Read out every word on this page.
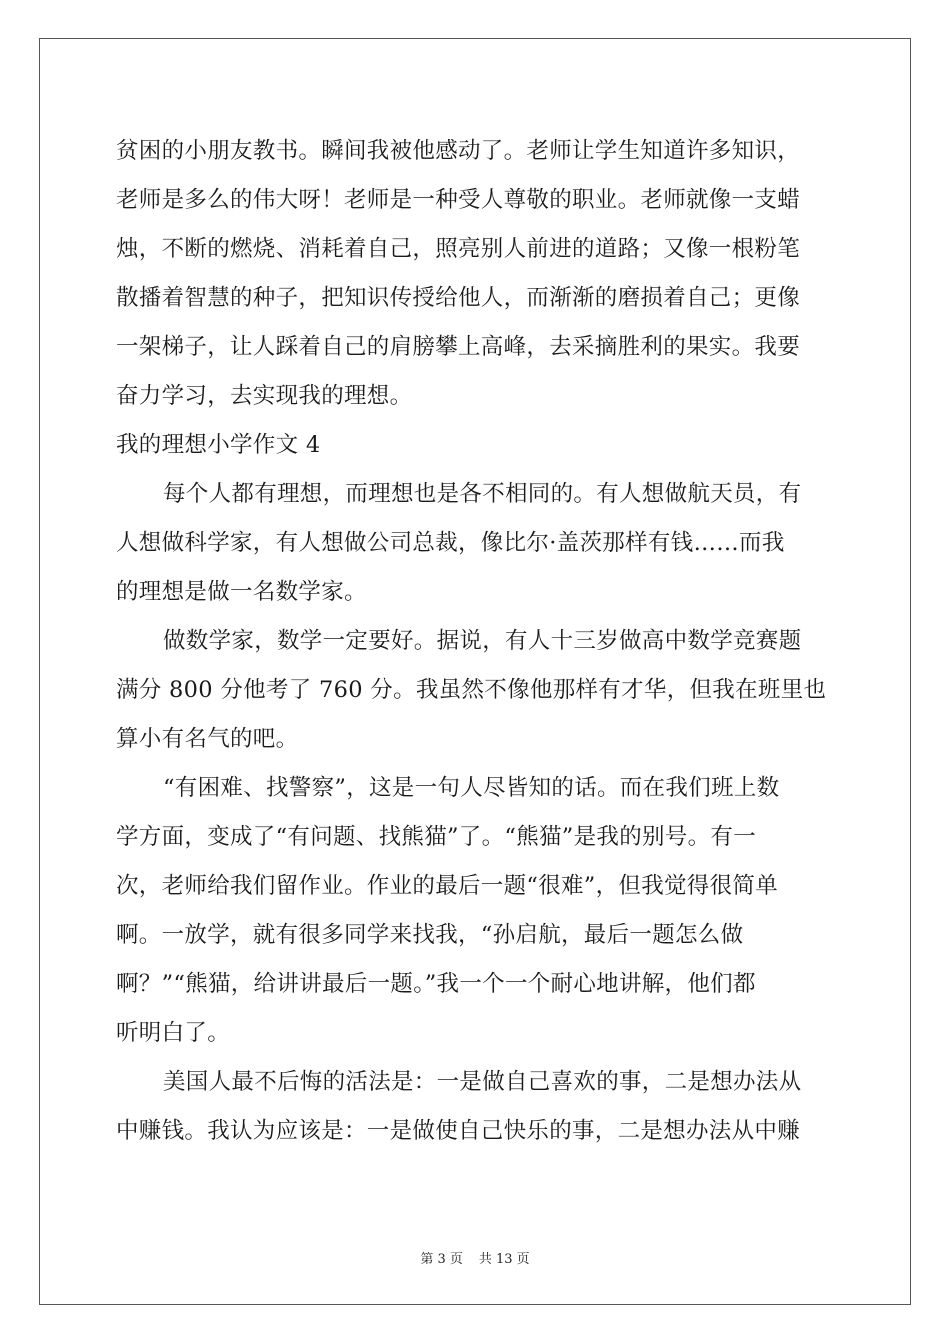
贫困的小朋友教书。瞬间我被他感动了。老师让学生知道许多知识，
老师是多么的伟大呀！老师是一种受人尊敬的职业。老师就像一支蜡
烛，不断的燃烧、消耗着自己，照亮别人前进的道路；又像一根粉笔
散播着智慧的种子，把知识传授给他人，而渐渐的磨损着自己；更像
一架梯子，让人踩着自己的肩膀攀上高峰，去采摘胜利的果实。我要
奋力学习，去实现我的理想。
我的理想小学作文 4
每个人都有理想，而理想也是各不相同的。有人想做航天员，有
人想做科学家，有人想做公司总裁，像比尔·盖茨那样有钱……而我
的理想是做一名数学家。
做数学家，数学一定要好。据说，有人十三岁做高中数学竞赛题
满分 800 分他考了 760 分。我虽然不像他那样有才华，但我在班里也
算小有名气的吧。
“有困难、找警察”，这是一句人尽皆知的话。而在我们班上数
学方面，变成了“有问题、找熊猫”了。“熊猫”是我的别号。有一
次，老师给我们留作业。作业的最后一题“很难”，但我觉得很简单
啊。一放学，就有很多同学来找我，“孙启航，最后一题怎么做
啊？”“熊猫，给讲讲最后一题。”我一个一个耐心地讲解，他们都
听明白了。
美国人最不后悔的活法是：一是做自己喜欢的事，二是想办法从
中赚钱。我认为应该是：一是做使自己快乐的事，二是想办法从中赚
第 3 页 共 13 页
